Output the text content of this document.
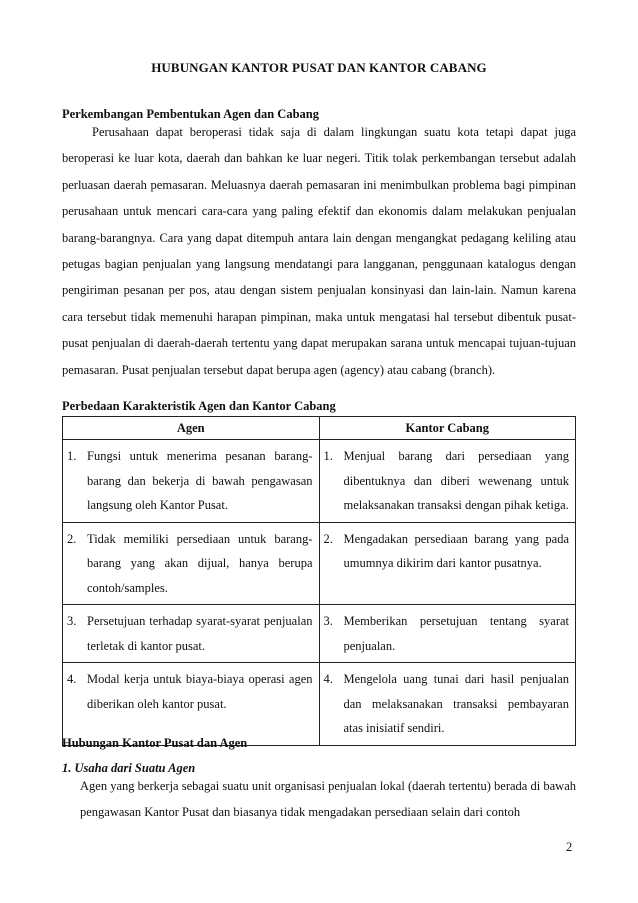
HUBUNGAN KANTOR PUSAT DAN KANTOR CABANG
Perkembangan Pembentukan Agen dan Cabang
Perusahaan dapat beroperasi tidak saja di dalam lingkungan suatu kota tetapi dapat juga beroperasi ke luar kota, daerah dan bahkan ke luar negeri. Titik tolak perkembangan tersebut adalah perluasan daerah pemasaran. Meluasnya daerah pemasaran ini menimbulkan problema bagi pimpinan perusahaan untuk mencari cara-cara yang paling efektif dan ekonomis dalam melakukan penjualan barang-barangnya. Cara yang dapat ditempuh antara lain dengan mengangkat pedagang keliling atau petugas bagian penjualan yang langsung mendatangi para langganan, penggunaan katalogus dengan pengiriman pesanan per pos, atau dengan sistem penjualan konsinyasi dan lain-lain. Namun karena cara tersebut tidak memenuhi harapan pimpinan, maka untuk mengatasi hal tersebut dibentuk pusat-pusat penjualan di daerah-daerah tertentu yang dapat merupakan sarana untuk mencapai tujuan-tujuan pemasaran. Pusat penjualan tersebut dapat berupa agen (agency) atau cabang (branch).
Perbedaan Karakteristik Agen dan Kantor Cabang
Agen	Kantor Cabang

1. Fungsi untuk menerima pesanan barang-barang dan bekerja di bawah pengawasan langsung oleh Kantor Pusat.	1. Menjual barang dari persediaan yang dibentuknya dan diberi wewenang untuk melaksanakan transaksi dengan pihak ketiga.

2. Tidak memiliki persediaan untuk barang-barang yang akan dijual, hanya berupa contoh/samples.	2. Mengadakan persediaan barang yang pada umumnya dikirim dari kantor pusatnya.

3. Persetujuan terhadap syarat-syarat penjualan terletak di kantor pusat.	3. Memberikan persetujuan tentang syarat penjualan.

4. Modal kerja untuk biaya-biaya operasi agen diberikan oleh kantor pusat.	4. Mengelola uang tunai dari hasil penjualan dan melaksanakan transaksi pembayaran atas inisiatif sendiri.
Hubungan Kantor Pusat dan Agen
1. Usaha dari Suatu Agen
Agen yang berkerja sebagai suatu unit organisasi penjualan lokal (daerah tertentu) berada di bawah pengawasan Kantor Pusat dan biasanya tidak mengadakan persediaan selain dari contoh
2
